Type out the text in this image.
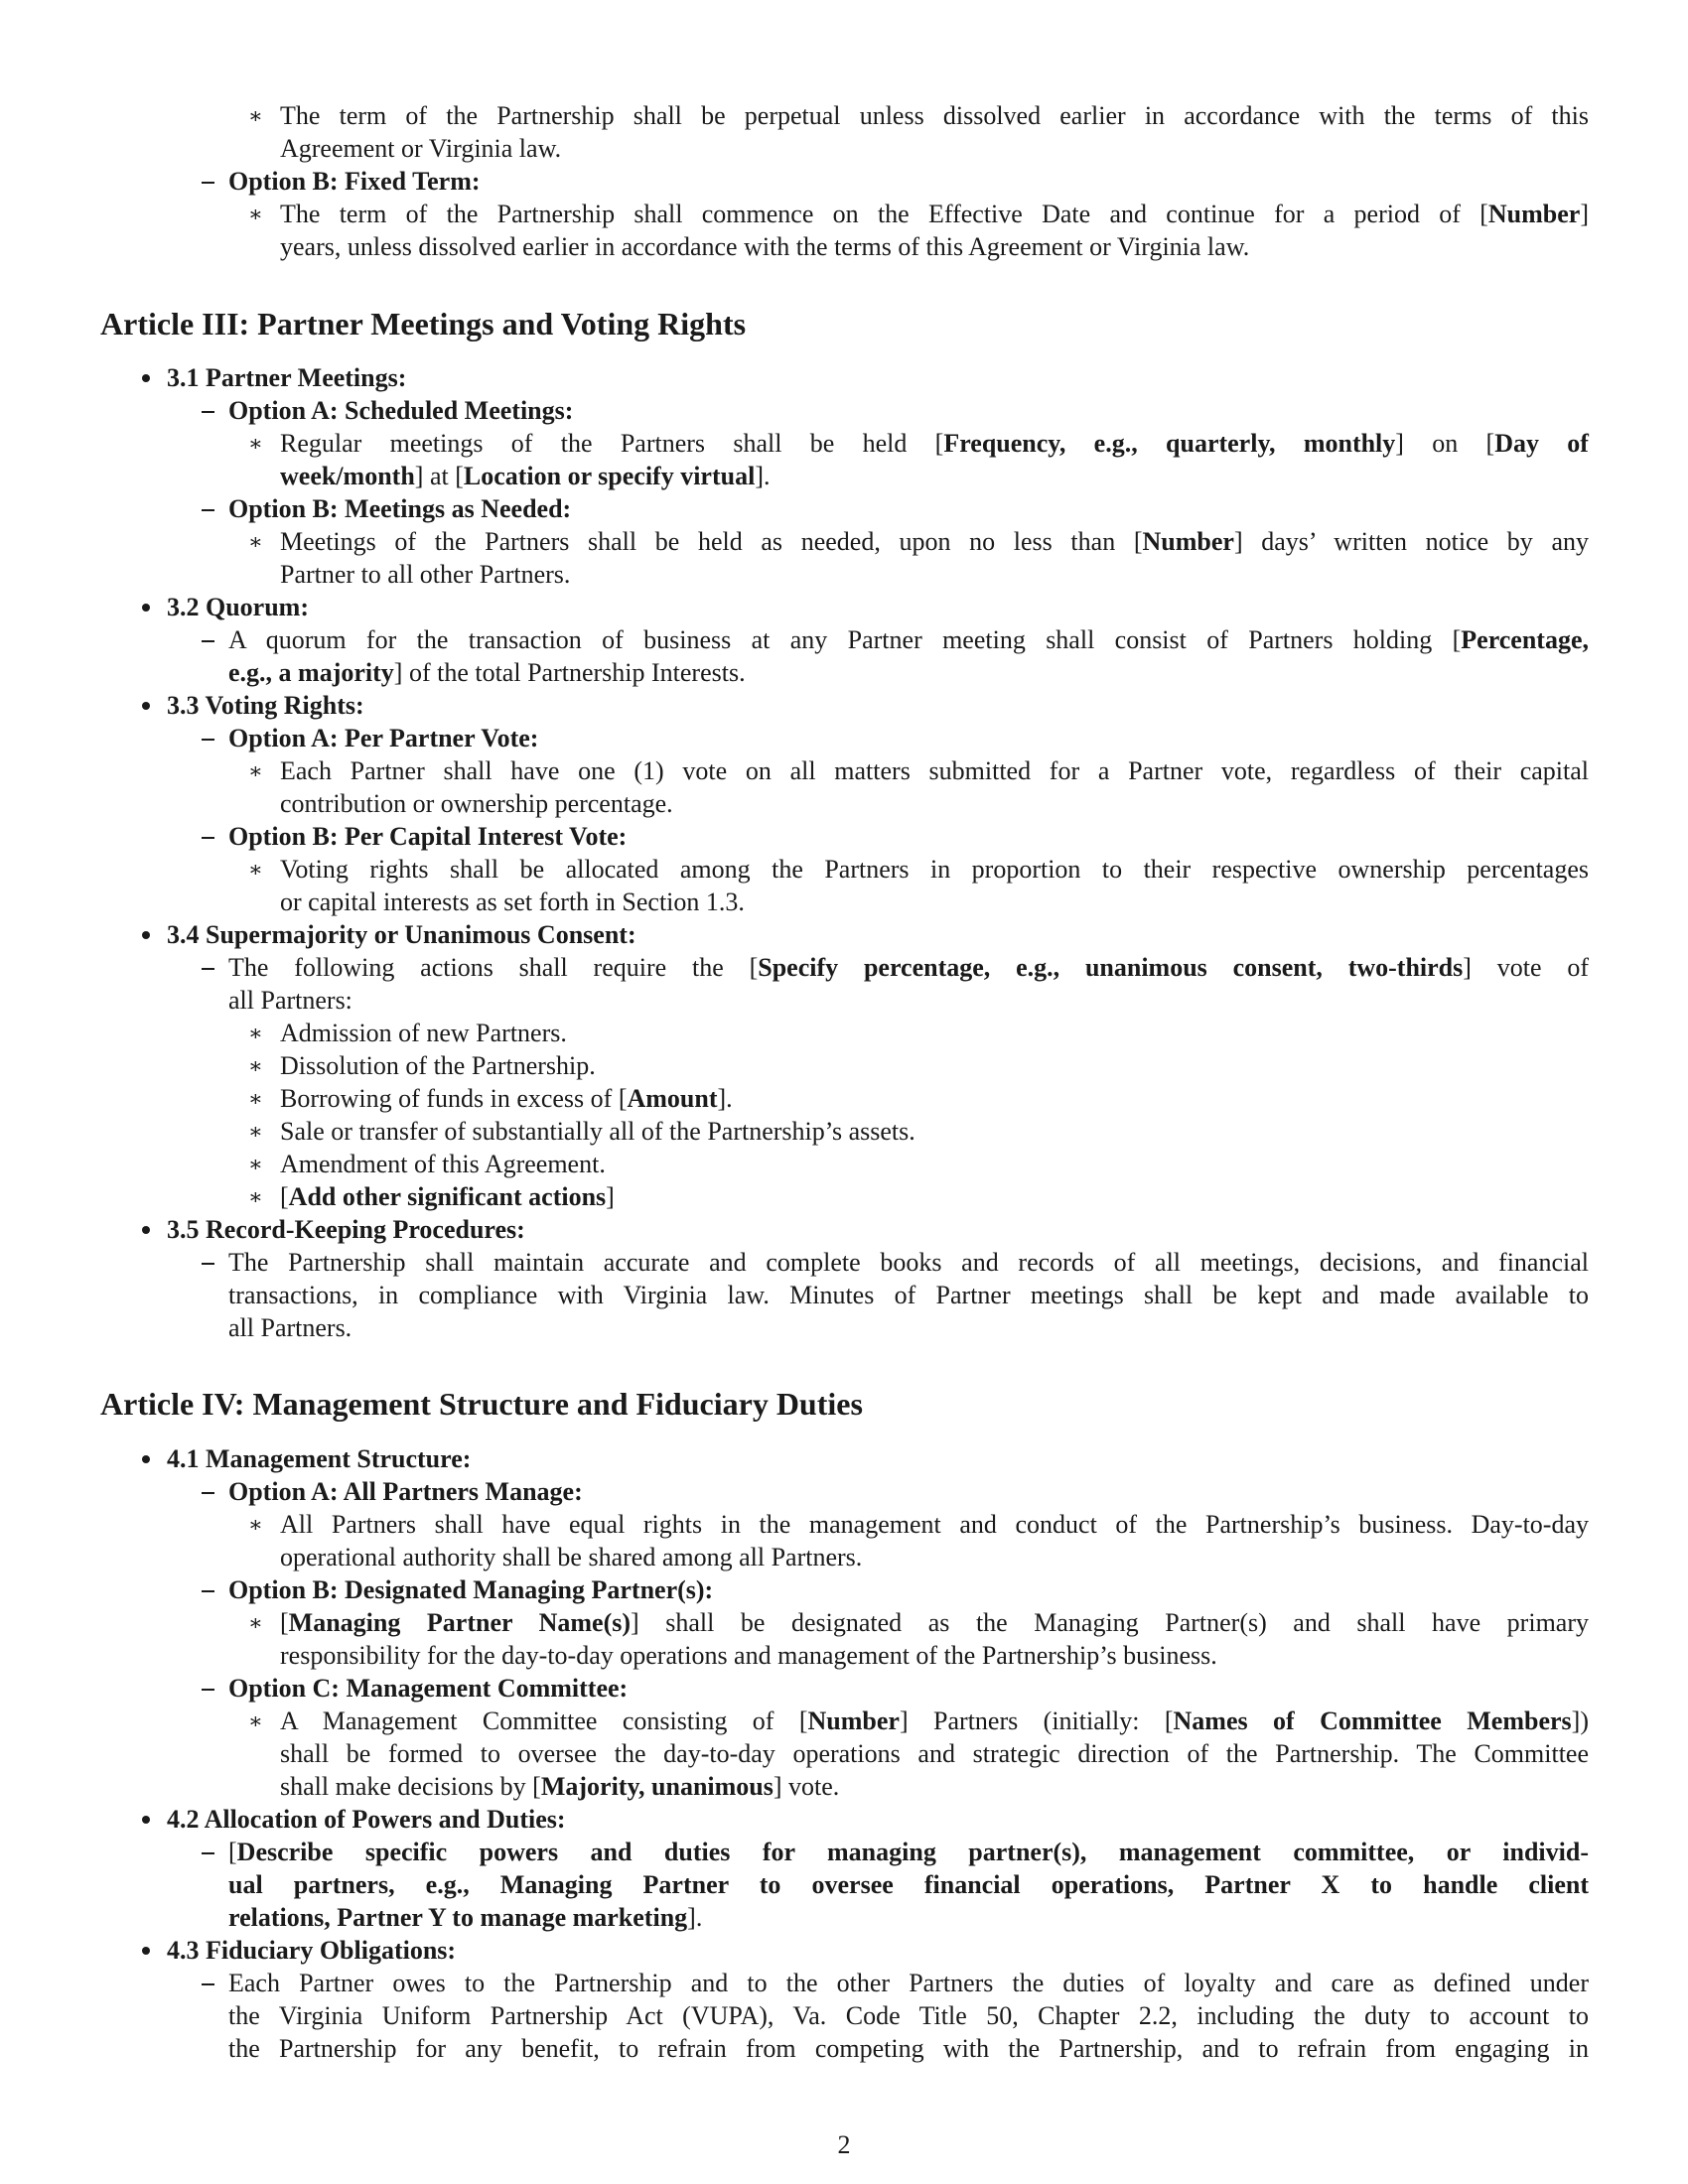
∗ The term of the Partnership shall be perpetual unless dissolved earlier in accordance with the terms of this
Agreement or Virginia law.
Option B: Fixed Term:
∗ The term of the Partnership shall commence on the Effective Date and continue for a period of [Number]
years, unless dissolved earlier in accordance with the terms of this Agreement or Virginia law.
Article III: Partner Meetings and Voting Rights
3.1 Partner Meetings:
Option A: Scheduled Meetings:
∗ Regular meetings of the Partners shall be held [Frequency, e.g., quarterly, monthly] on [Day of
week/month] at [Location or specify virtual].
Option B: Meetings as Needed:
∗ Meetings of the Partners shall be held as needed, upon no less than [Number] days’ written notice by any
Partner to all other Partners.
3.2 Quorum:
A quorum for the transaction of business at any Partner meeting shall consist of Partners holding [Percentage,
e.g., a majority] of the total Partnership Interests.
3.3 Voting Rights:
Option A: Per Partner Vote:
∗ Each Partner shall have one (1) vote on all matters submitted for a Partner vote, regardless of their capital
contribution or ownership percentage.
Option B: Per Capital Interest Vote:
∗ Voting rights shall be allocated among the Partners in proportion to their respective ownership percentages
or capital interests as set forth in Section 1.3.
3.4 Supermajority or Unanimous Consent:
The following actions shall require the [Specify percentage, e.g., unanimous consent, two-thirds] vote of
all Partners:
∗ Admission of new Partners.
∗ Dissolution of the Partnership.
∗ Borrowing of funds in excess of [Amount].
∗ Sale or transfer of substantially all of the Partnership’s assets.
∗ Amendment of this Agreement.
∗ [Add other significant actions]
3.5 Record-Keeping Procedures:
The Partnership shall maintain accurate and complete books and records of all meetings, decisions, and financial
transactions, in compliance with Virginia law. Minutes of Partner meetings shall be kept and made available to
all Partners.
Article IV: Management Structure and Fiduciary Duties
4.1 Management Structure:
Option A: All Partners Manage:
∗ All Partners shall have equal rights in the management and conduct of the Partnership’s business. Day-to-day
operational authority shall be shared among all Partners.
Option B: Designated Managing Partner(s):
∗ [Managing Partner Name(s)] shall be designated as the Managing Partner(s) and shall have primary
responsibility for the day-to-day operations and management of the Partnership’s business.
Option C: Management Committee:
∗ A Management Committee consisting of [Number] Partners (initially: [Names of Committee Members])
shall be formed to oversee the day-to-day operations and strategic direction of the Partnership. The Committee
shall make decisions by [Majority, unanimous] vote.
4.2 Allocation of Powers and Duties:
[Describe specific powers and duties for managing partner(s), management committee, or individ-
ual partners, e.g., Managing Partner to oversee financial operations, Partner X to handle client
relations, Partner Y to manage marketing].
4.3 Fiduciary Obligations:
Each Partner owes to the Partnership and to the other Partners the duties of loyalty and care as defined under
the Virginia Uniform Partnership Act (VUPA), Va. Code Title 50, Chapter 2.2, including the duty to account to
the Partnership for any benefit, to refrain from competing with the Partnership, and to refrain from engaging in
2
